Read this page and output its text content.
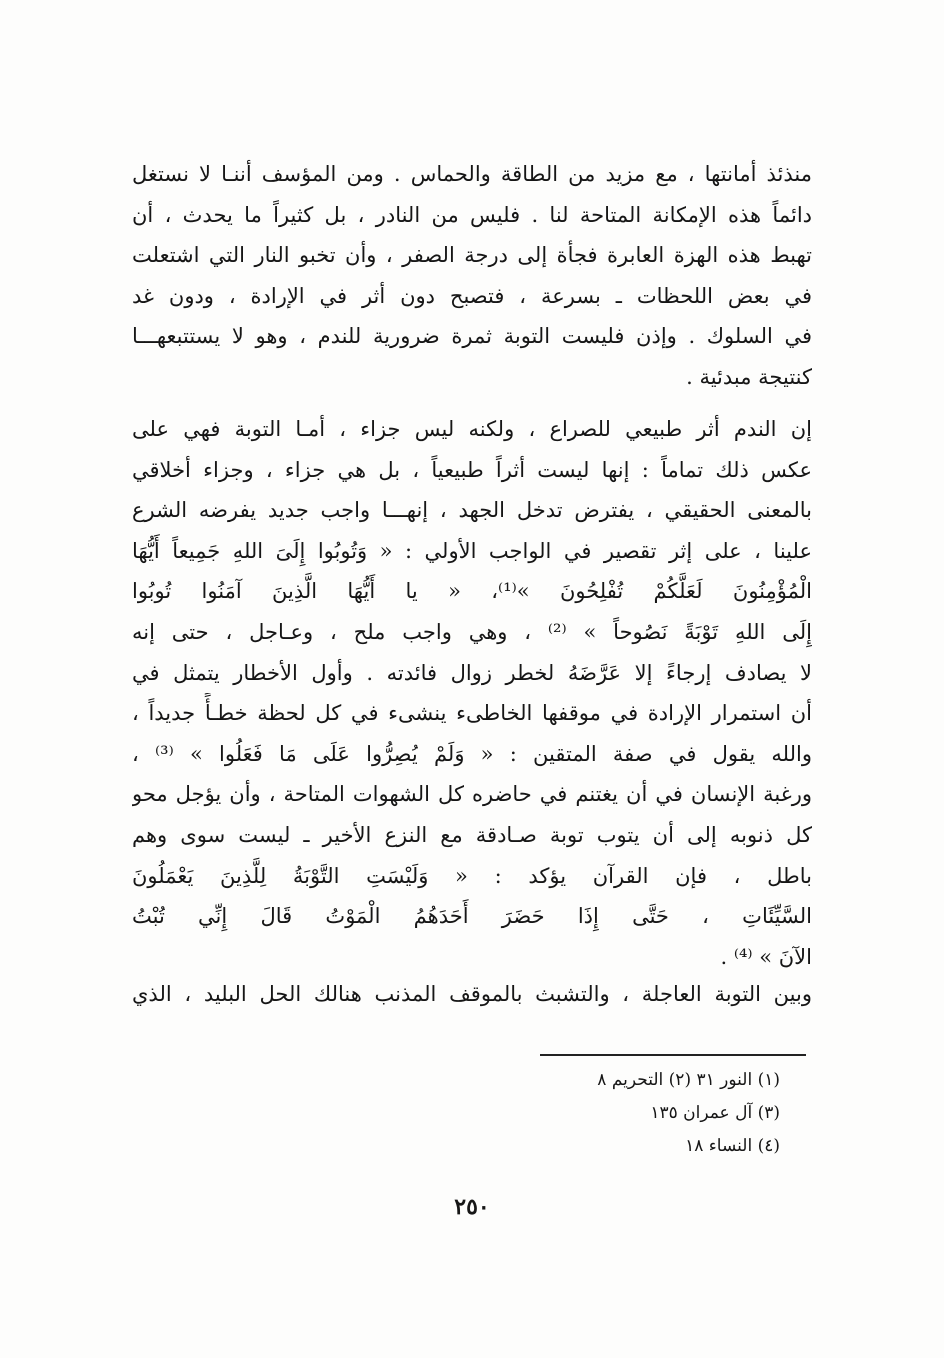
منذئذ أمانتها ، مع مزيد من الطاقة والحماس . ومن المؤسف أننـا لا نستغل
دائماً هذه الإمكانة المتاحة لنا . فليس من النادر ، بل كثيراً ما يحدث ، أن
تهبط هذه الهزة العابرة فجأة إلى درجة الصفر ، وأن تخبو النار التي اشتعلت
في بعض اللحظات ـ بسرعة ، فتصبح دون أثر في الإرادة ، ودون غد
في السلوك . وإذن فليست التوبة ثمرة ضرورية للندم ، وهو لا يستتبعهـــا
كنتيجة مبدئية .

إن الندم أثر طبيعي للصراع ، ولكنه ليس جزاء ، أمـا التوبة فهي على
عكس ذلك تماماً : إنها ليست أثراً طبيعياً ، بل هي جزاء ، وجزاء أخلاقي
بالمعنى الحقيقي ، يفترض تدخل الجهد ، إنهـــا واجب جديد يفرضه الشرع
علينا ، على إثر تقصير في الواجب الأولي : « وَتُوبُوا إِلَىَ اللهِ جَمِيعاً أَيُّهَا
الْمُؤْمِنُونَ لَعَلَّكُمْ تُفْلِحُونَ »⁽¹⁾، « يا أَيُّهَا الَّذِينَ آمَنُوا تُوبُوا
إِلَى اللهِ تَوْبَةً نَصُوحاً » ⁽²⁾ ، وهي واجب ملح ، وعـاجل ، حتى إنه
لا يصادف إرجاءً إلا عَرَّضَهُ لخطر زوال فائدته . وأول الأخطار يتمثل في
أن استمرار الإرادة في موقفها الخاطىء ينشىء في كل لحظة خطـأً جديداً ،
والله يقول في صفة المتقين : « وَلَمْ يُصِرُّوا عَلَى مَا فَعَلُوا » ⁽³⁾ ،
ورغبة الإنسان في أن يغتنم في حاضره كل الشهوات المتاحة ، وأن يؤجل محو
كل ذنوبه إلى أن يتوب توبة صـادقة مع النزع الأخير ـ ليست سوى وهم
باطل ، فإن القرآن يؤكد : « وَلَيْسَتِ التَّوْبَةُ لِلَّذِينَ يَعْمَلُونَ
السَّيِّئَاتِ ، حَتَّى إِذَا حَضَرَ أَحَدَهُمُ الْمَوْتُ قَالَ إِنِّي تُبْتُ
الآنَ » ⁽⁴⁾ .

وبين التوبة العاجلة ، والتشبث بالموقف المذنب هنالك الحل البليد ، الذي

(١) النور ٣١ (٢) التحريم ٨
(٣) آل عمران ١٣٥
(٤) النساء ١٨
٢٥٠
